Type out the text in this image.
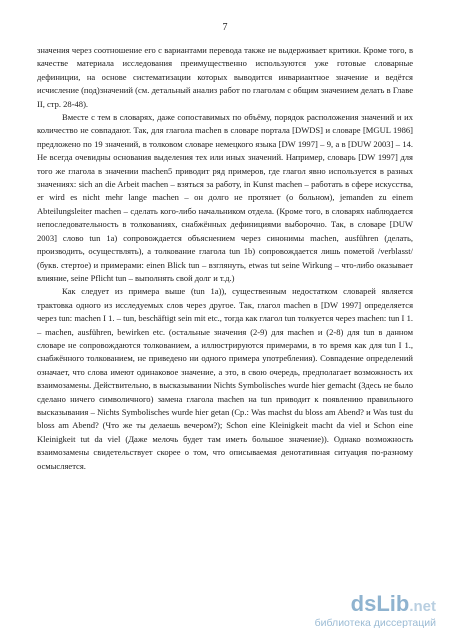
7

значения через соотношение его с вариантами перевода также не выдерживает критики. Кроме того, в качестве материала исследования преимущественно используются уже готовые словарные дефиниции, на основе систематизации которых выводится инвариантное значение и ведётся исчисление (под)значений (см. детальный анализ работ по глаголам с общим значением делать в Главе II, стр. 28-48).

Вместе с тем в словарях, даже сопоставимых по объёму, порядок расположения значений и их количество не совпадают. Так, для глагола machen в словаре портала [DWDS] и словаре [MGUL 1986] предложено по 19 значений, в толковом словаре немецкого языка [DW 1997] – 9, а в [DUW 2003] – 14. Не всегда очевидны основания выделения тех или иных значений. Например, словарь [DW 1997] для того же глагола в значении machen5 приводит ряд примеров, где глагол явно используется в разных значениях: sich an die Arbeit machen – взяться за работу, in Kunst machen – работать в сфере искусства, er wird es nicht mehr lange machen – он долго не протянет (о больном), jemanden zu einem Abteilungsleiter machen – сделать кого-либо начальником отдела. (Кроме того, в словарях наблюдается непоследовательность в толкованиях, снабжённых дефинициями выборочно. Так, в словаре [DUW 2003] слово tun 1a) сопровождается объяснением через синонимы machen, ausführen (делать, производить, осуществлять), а толкование глагола tun 1b) сопровождается лишь пометой /verblasst/ (букв. стертое) и примерами: einen Blick tun – взглянуть, etwas tut seine Wirkung – что-либо оказывает влияние, seine Pflicht tun – выполнять свой долг и т.д.)

Как следует из примера выше (tun 1a)), существенным недостатком словарей является трактовка одного из исследуемых слов через другое. Так, глагол machen в [DW 1997] определяется через tun: machen I 1. – tun, beschäftigt sein mit etc., тогда как глагол tun толкуется через machen: tun I 1. – machen, ausführen, bewirken etc. (остальные значения (2-9) для machen и (2-8) для tun в данном словаре не сопровождаются толкованием, а иллюстрируются примерами, в то время как для tun I 1., снабжённого толкованием, не приведено ни одного примера употребления). Совпадение определений означает, что слова имеют одинаковое значение, а это, в свою очередь, предполагает возможность их взаимозамены. Действительно, в высказывании Nichts Symbolisches wurde hier gemacht (Здесь не было сделано ничего символичного) замена глагола machen на tun приводит к появлению правильного высказывания – Nichts Symbolisches wurde hier getan (Ср.: Was machst du bloss am Abend? и Was tust du bloss am Abend? (Что же ты делаешь вечером?); Schon eine Kleinigkeit macht da viel и Schon eine Kleinigkeit tut da viel (Даже мелочь будет там иметь большое значение)). Однако возможность взаимозамены свидетельствует скорее о том, что описываемая денотативная ситуация по-разному осмысляется.

dsLib.net
библиотека диссертаций
